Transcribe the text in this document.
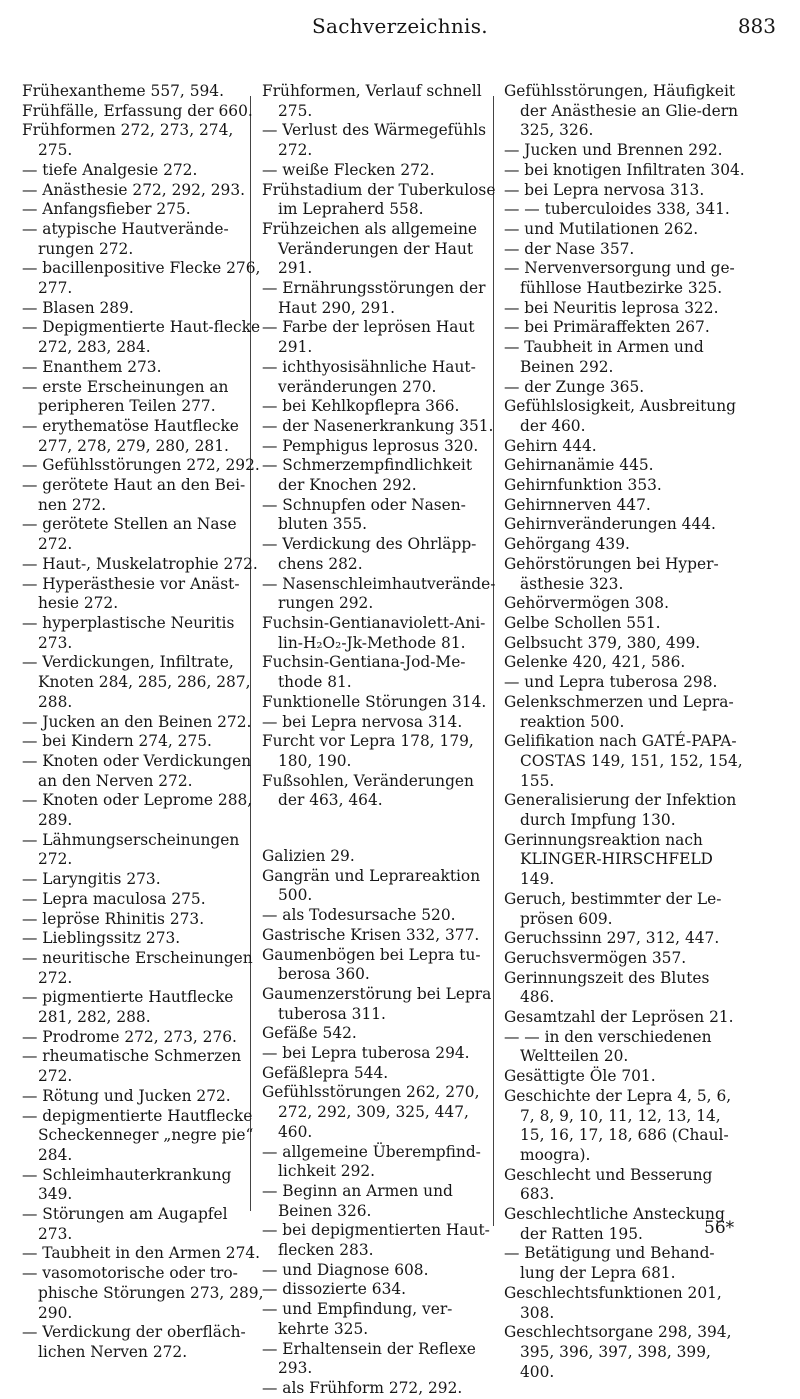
Sachverzeichnis.	883
Frühexantheme 557, 594.
Frühfälle, Erfassung der 660.
Frühformen 272, 273, 274, 275.
— tiefe Analgesie 272.
— Anästhesie 272, 292, 293.
— Anfangsfieber 275.
— atypische Hautverände-rungen 272.
— bacillenpositive Flecke 276, 277.
— Blasen 289.
— Depigmentierte Haut-flecke 272, 283, 284.
— Enanthem 273.
— erste Erscheinungen an peripheren Teilen 277.
— erythematöse Hautflecke 277, 278, 279, 280, 281.
— Gefühlsstörungen 272, 292.
— gerötete Haut an den Bei-nen 272.
— gerötete Stellen an Nase 272.
— Haut-, Muskelatrophie 272.
— Hyperästhesie vor Anäst-hesie 272.
— hyperplastische Neuritis 273.
— Verdickungen, Infiltrate, Knoten 284, 285, 286, 287, 288.
— Jucken an den Beinen 272.
— bei Kindern 274, 275.
— Knoten oder Verdickungen an den Nerven 272.
— Knoten oder Leprome 288, 289.
— Lähmungserscheinungen 272.
— Laryngitis 273.
— Lepra maculosa 275.
— lepröse Rhinitis 273.
— Lieblingssitz 273.
— neuritische Erscheinungen 272.
— pigmentierte Hautflecke 281, 282, 288.
— Prodrome 272, 273, 276.
— rheumatische Schmerzen 272.
— Rötung und Jucken 272.
— depigmentierte Hautflecke Scheckenneger „negre pie“ 284.
— Schleimhauterkrankung 349.
— Störungen am Augapfel 273.
— Taubheit in den Armen 274.
— vasomotorische oder tro-phische Störungen 273, 289, 290.
— Verdickung der oberfläch-lichen Nerven 272.
Frühformen, Verlauf schnell 275.
— Verlust des Wärmegefühls 272.
— weiße Flecken 272.
Frühstadium der Tuberkulose im Lepraherd 558.
Frühzeichen als allgemeine Veränderungen der Haut 291.
— Ernährungsstörungen der Haut 290, 291.
— Farbe der leprösen Haut 291.
— ichthyosisähnliche Haut-veränderungen 270.
— bei Kehlkopflepra 366.
— der Nasenerkrankung 351.
— Pemphigus leprosus 320.
— Schmerzempfindlichkeit der Knochen 292.
— Schnupfen oder Nasen-bluten 355.
— Verdickung des Ohrläpp-chens 282.
— Nasenschleimhautverände-rungen 292.
Fuchsin-Gentianaviolett-Ani-lin-H₂O₂-Jk-Methode 81.
Fuchsin-Gentiana-Jod-Me-thode 81.
Funktionelle Störungen 314.
— bei Lepra nervosa 314.
Furcht vor Lepra 178, 179, 180, 190.
Fußsohlen, Veränderungen der 463, 464.
Galizien 29.
Gangrän und Leprareaktion 500.
— als Todesursache 520.
Gastrische Krisen 332, 377.
Gaumenbögen bei Lepra tu-berosa 360.
Gaumenzerstörung bei Lepra tuberosa 311.
Gefäße 542.
— bei Lepra tuberosa 294.
Gefäßlepra 544.
Gefühlsstörungen 262, 270, 272, 292, 309, 325, 447, 460.
— allgemeine Überempfind-lichkeit 292.
— Beginn an Armen und Beinen 326.
— bei depigmentierten Haut-flecken 283.
— und Diagnose 608.
— dissozierte 634.
— und Empfindung, ver-kehrte 325.
— Erhaltensein der Reflexe 293.
— als Frühform 272, 292.
Gefühlsstörungen, Häufigkeit der Anästhesie an Glie-dern 325, 326.
— Jucken und Brennen 292.
— bei knotigen Infiltraten 304.
— bei Lepra nervosa 313.
— — tuberculoides 338, 341.
— und Mutilationen 262.
— der Nase 357.
— Nervenversorgung und ge-fühllose Hautbezirke 325.
— bei Neuritis leprosa 322.
— bei Primäraffekten 267.
— Taubheit in Armen und Beinen 292.
— der Zunge 365.
Gefühlslosigkeit, Ausbreitung der 460.
Gehirn 444.
Gehirnanämie 445.
Gehirnfunktion 353.
Gehirnnerven 447.
Gehirnveränderungen 444.
Gehörgang 439.
Gehörstörungen bei Hyper-ästhesie 323.
Gehörvermögen 308.
Gelbe Schollen 551.
Gelbsucht 379, 380, 499.
Gelenke 420, 421, 586.
— und Lepra tuberosa 298.
Gelenkschmerzen und Lepra-reaktion 500.
Gelifikation nach GATÉ-PAPA-COSTAS 149, 151, 152, 154, 155.
Generalisierung der Infektion durch Impfung 130.
Gerinnungsreaktion nach KLINGER-HIRSCHFELD 149.
Geruch, bestimmter der Le-prösen 609.
Geruchssinn 297, 312, 447.
Geruchsvermögen 357.
Gerinnungszeit des Blutes 486.
Gesamtzahl der Leprösen 21.
— — in den verschiedenen Weltteilen 20.
Gesättigte Öle 701.
Geschichte der Lepra 4, 5, 6, 7, 8, 9, 10, 11, 12, 13, 14, 15, 16, 17, 18, 686 (Chaul-moogra).
Geschlecht und Besserung 683.
Geschlechtliche Ansteckung der Ratten 195.
— Betätigung und Behand-lung der Lepra 681.
Geschlechtsfunktionen 201, 308.
Geschlechtsorgane 298, 394, 395, 396, 397, 398, 399, 400.
56*
